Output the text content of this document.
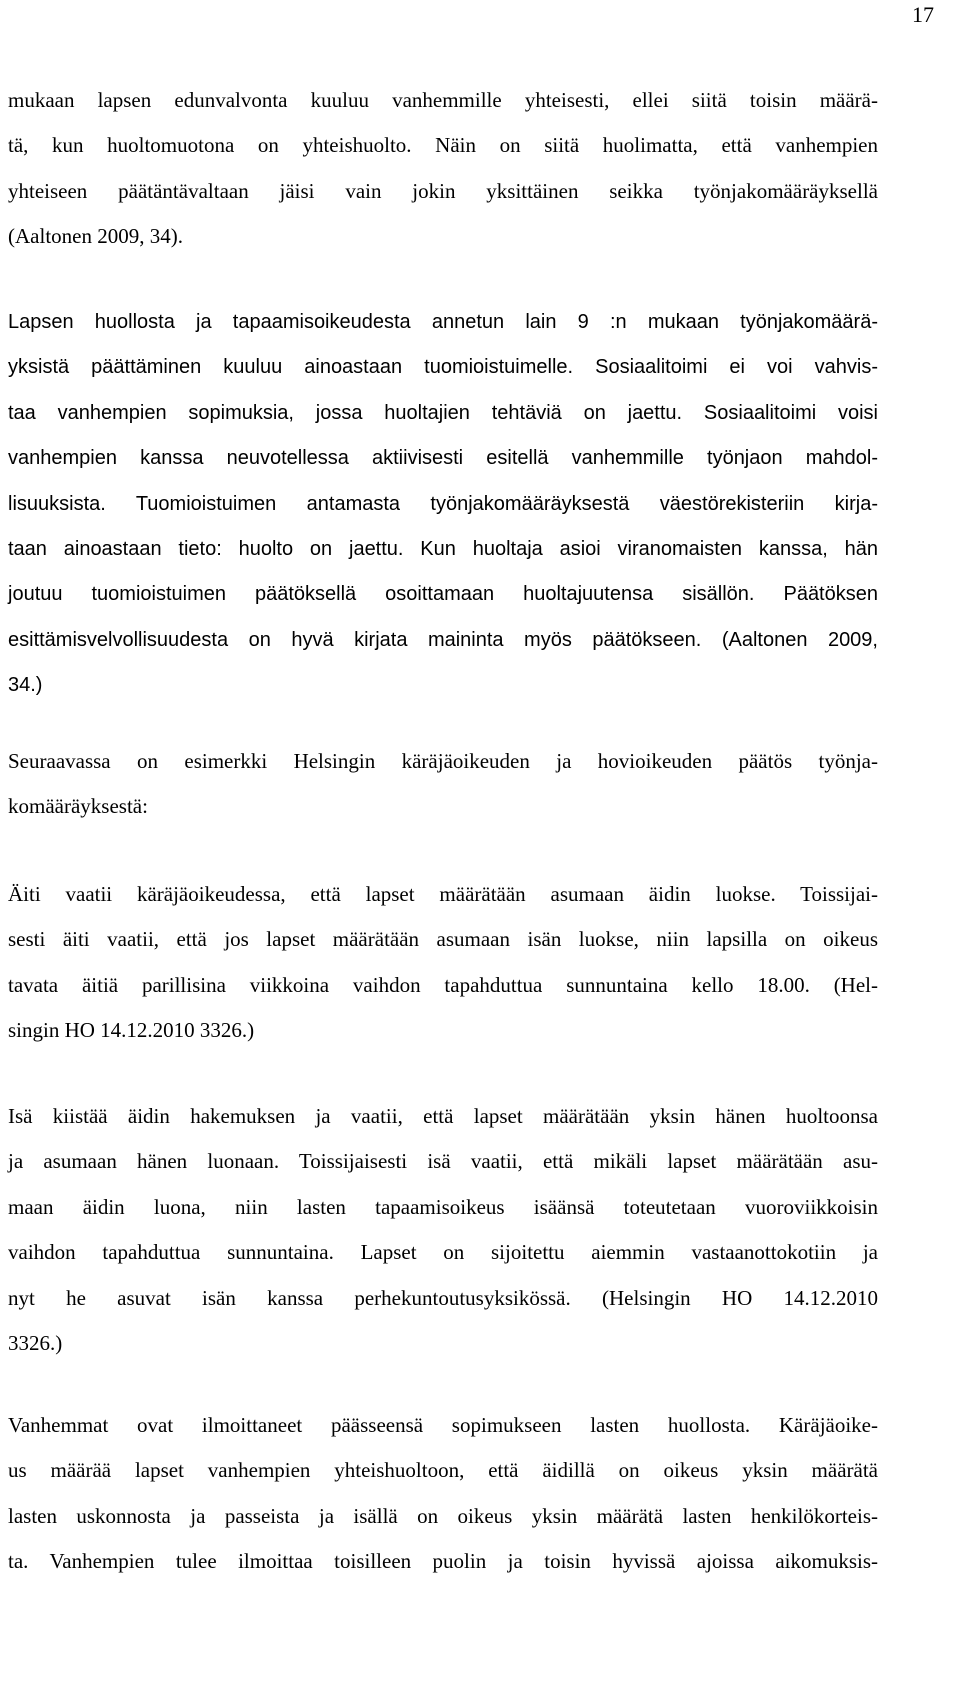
17
mukaan lapsen edunvalvonta kuuluu vanhemmille yhteisesti, ellei siitä toisin määrä-
tä, kun huoltomuotona on yhteishuolto. Näin on siitä huolimatta, että vanhempien
yhteiseen päätäntävaltaan jäisi vain jokin yksittäinen seikka työnjakomääräyksellä
(Aaltonen 2009, 34).
Lapsen huollosta ja tapaamisoikeudesta annetun lain 9 :n mukaan työnjakomäärä-
yksistä päättäminen kuuluu ainoastaan tuomioistuimelle. Sosiaalitoimi ei voi vahvis-
taa vanhempien sopimuksia, jossa huoltajien tehtäviä on jaettu. Sosiaalitoimi voisi
vanhempien kanssa neuvotellessa aktiivisesti esitellä vanhemmille työnjaon mahdol-
lisuuksista. Tuomioistuimen antamasta työnjakomääräyksestä väestörekisteriin kirja-
taan ainoastaan tieto: huolto on jaettu. Kun huoltaja asioi viranomaisten kanssa, hän
joutuu tuomioistuimen päätöksellä osoittamaan huoltajuutensa sisällön. Päätöksen
esittämisvelvollisuudesta on hyvä kirjata maininta myös päätökseen. (Aaltonen 2009,
34.)
Seuraavassa on esimerkki Helsingin käräjäoikeuden ja hovioikeuden päätös työnja-
komääräyksestä:
Äiti vaatii käräjäoikeudessa, että lapset määrätään asumaan äidin luokse. Toissijai-
sesti äiti vaatii, että jos lapset määrätään asumaan isän luokse, niin lapsilla on oikeus
tavata äitiä parillisina viikkoina vaihdon tapahduttua sunnuntaina kello 18.00. (Hel-
singin HO 14.12.2010 3326.)
Isä kiistää äidin hakemuksen ja vaatii, että lapset määrätään yksin hänen huoltoonsa
ja asumaan hänen luonaan. Toissijaisesti isä vaatii, että mikäli lapset määrätään asu-
maan äidin luona, niin lasten tapaamisoikeus isäänsä toteutetaan vuoroviikkoisin
vaihdon tapahduttua sunnuntaina. Lapset on sijoitettu aiemmin vastaanottokotiin ja
nyt he asuvat isän kanssa perhekuntoutusyksikössä. (Helsingin HO 14.12.2010
3326.)
Vanhemmat ovat ilmoittaneet päässeensä sopimukseen lasten huollosta. Käräjäoike-
us määrää lapset vanhempien yhteishuoltoon, että äidillä on oikeus yksin määrätä
lasten uskonnosta ja passeista ja isällä on oikeus yksin määrätä lasten henkilökorteis-
ta. Vanhempien tulee ilmoittaa toisilleen puolin ja toisin hyvissä ajoissa aikomuksis-
